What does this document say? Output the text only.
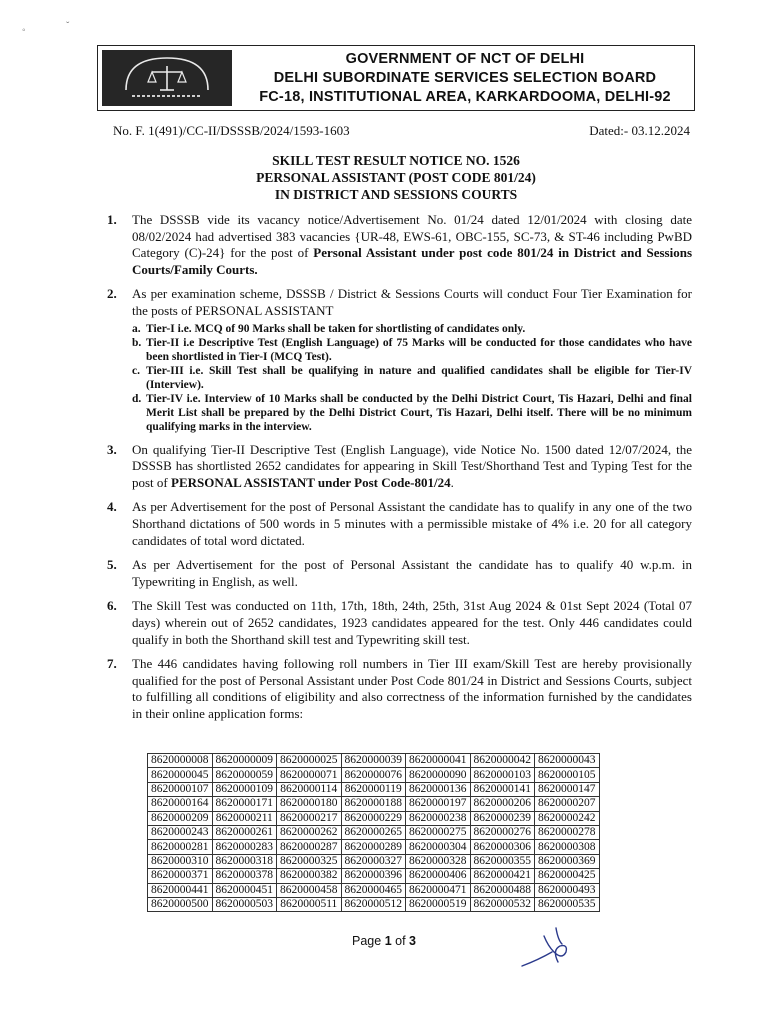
◦	ˇ
GOVERNMENT OF NCT OF DELHI
DELHI SUBORDINATE SERVICES SELECTION BOARD
FC-18, INSTITUTIONAL AREA, KARKARDOOMA, DELHI-92
No. F. 1(491)/CC-II/DSSSB/2024/1593-1603	Dated:- 03.12.2024
SKILL TEST RESULT NOTICE NO. 1526
PERSONAL ASSISTANT (POST CODE 801/24)
IN DISTRICT AND SESSIONS COURTS

1. The DSSSB vide its vacancy notice/Advertisement No. 01/24 dated 12/01/2024 with closing date 08/02/2024 had advertised 383 vacancies {UR-48, EWS-61, OBC-155, SC-73, & ST-46 including PwBD Category (C)-24} for the post of Personal Assistant under post code 801/24 in District and Sessions Courts/Family Courts.

2. As per examination scheme, DSSSB / District & Sessions Courts will conduct Four Tier Examination for the posts of PERSONAL ASSISTANT

a. Tier-I i.e. MCQ of 90 Marks shall be taken for shortlisting of candidates only.

b. Tier-II i.e Descriptive Test (English Language) of 75 Marks will be conducted for those candidates who have been shortlisted in Tier-I (MCQ Test).

c. Tier-III i.e. Skill Test shall be qualifying in nature and qualified candidates shall be eligible for Tier-IV (Interview).

d. Tier-IV i.e. Interview of 10 Marks shall be conducted by the Delhi District Court, Tis Hazari, Delhi and final Merit List shall be prepared by the Delhi District Court, Tis Hazari, Delhi itself. There will be no minimum qualifying marks in the interview.

3. On qualifying Tier-II Descriptive Test (English Language), vide Notice No. 1500 dated 12/07/2024, the DSSSB has shortlisted 2652 candidates for appearing in Skill Test/Shorthand Test and Typing Test for the post of PERSONAL ASSISTANT under Post Code-801/24.

4. As per Advertisement for the post of Personal Assistant the candidate has to qualify in any one of the two Shorthand dictations of 500 words in 5 minutes with a permissible mistake of 4% i.e. 20 for all category candidates of total word dictated.

5. As per Advertisement for the post of Personal Assistant the candidate has to qualify 40 w.p.m. in Typewriting in English, as well.

6. The Skill Test was conducted on 11th, 17th, 18th, 24th, 25th, 31st Aug 2024 & 01st Sept 2024 (Total 07 days) wherein out of 2652 candidates, 1923 candidates appeared for the test. Only 446 candidates could qualify in both the Shorthand skill test and Typewriting skill test.

7. The 446 candidates having following roll numbers in Tier III exam/Skill Test are hereby provisionally qualified for the post of Personal Assistant under Post Code 801/24 in District and Sessions Courts, subject to fulfilling all conditions of eligibility and also correctness of the information furnished by the candidates in their online application forms:

8620000008	8620000009	8620000025	8620000039	8620000041	8620000042	8620000043
8620000045	8620000059	8620000071	8620000076	8620000090	8620000103	8620000105
8620000107	8620000109	8620000114	8620000119	8620000136	8620000141	8620000147
8620000164	8620000171	8620000180	8620000188	8620000197	8620000206	8620000207
8620000209	8620000211	8620000217	8620000229	8620000238	8620000239	8620000242
8620000243	8620000261	8620000262	8620000265	8620000275	8620000276	8620000278
8620000281	8620000283	8620000287	8620000289	8620000304	8620000306	8620000308
8620000310	8620000318	8620000325	8620000327	8620000328	8620000355	8620000369
8620000371	8620000378	8620000382	8620000396	8620000406	8620000421	8620000425
8620000441	8620000451	8620000458	8620000465	8620000471	8620000488	8620000493
8620000500	8620000503	8620000511	8620000512	8620000519	8620000532	8620000535
Page 1 of 3
